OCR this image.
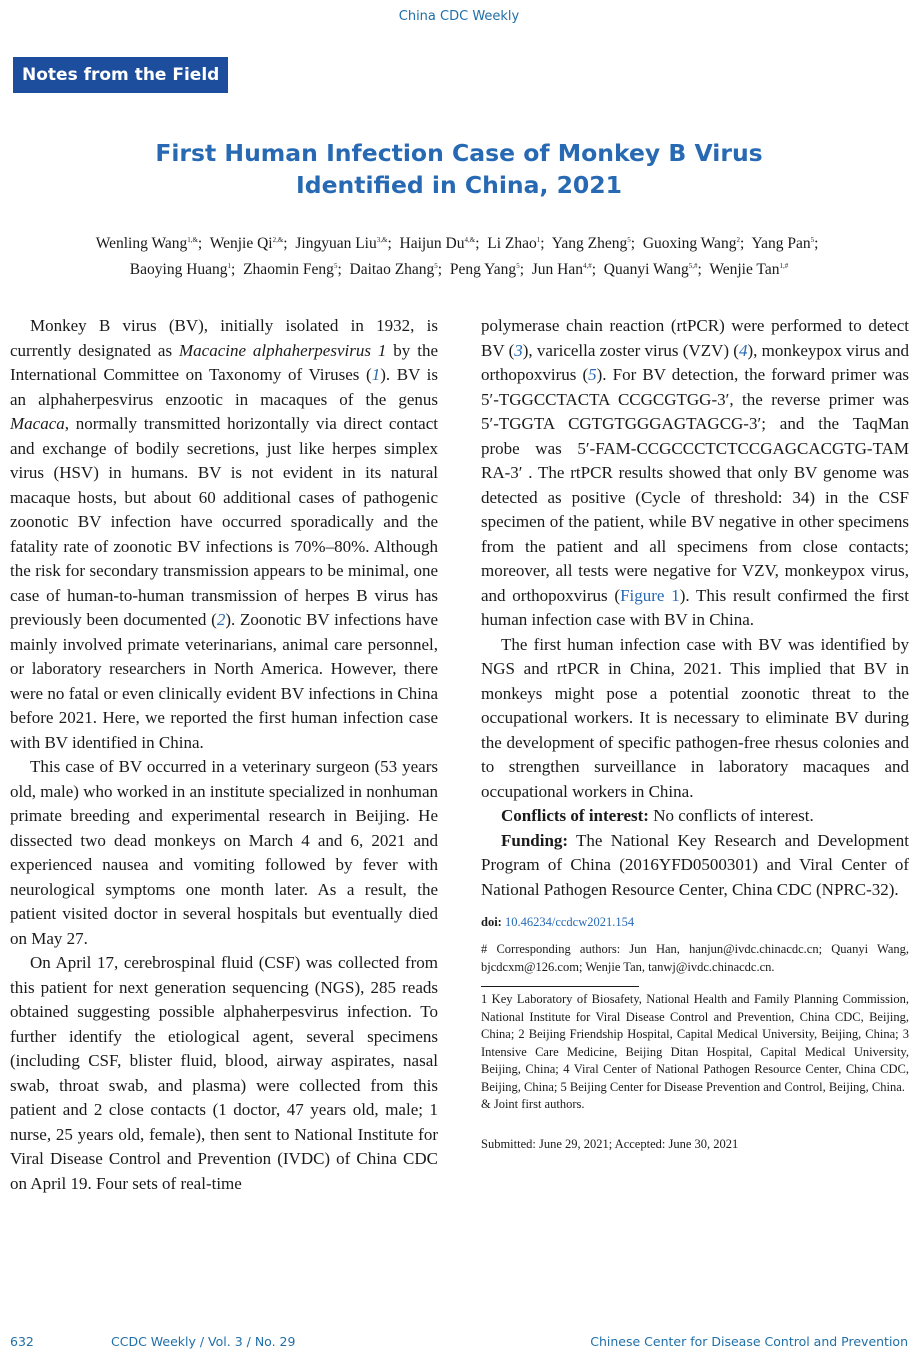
China CDC Weekly
Notes from the Field
First Human Infection Case of Monkey B Virus
Identified in China, 2021
Wenling Wang$^{1,\&}$;  Wenjie $Qi^{2,\&}$;  Jingyuan Liu$^{3,\&}$;  Haijun $Du^{4,\&}$;  Li Zhao$^1$;  Yang Zheng$^5$;  Guoxing Wang$^2$;  Yang Pan$^5$;
Baoying Huang$^1$;  Zhaomin Feng$^5$;  Daitao Zhang$^5$;  Peng Yang$^5$;  Jun Han$^{4,\#}$;  Quanyi Wang$^{5,\#}$;  Wenjie Tan$^{1,\#}$

Monkey B virus (BV), initially isolated in 1932, is currently designated as Macacine alphaherpesvirus 1 by the International Committee on Taxonomy of Viruses (1). BV is an alphaherpesvirus enzootic in macaques of the genus Macaca, normally transmitted horizontally via direct contact and exchange of bodily secretions, just like herpes simplex virus (HSV) in humans. BV is not evident in its natural macaque hosts, but about 60 additional cases of pathogenic zoonotic BV infection have occurred sporadically and the fatality rate of zoonotic BV infections is 70%–80%. Although the risk for secondary transmission appears to be minimal, one case of human-to-human transmission of herpes B virus has previously been documented (2). Zoonotic BV infections have mainly involved primate veterinarians, animal care personnel, or laboratory researchers in North America. However, there were no fatal or even clinically evident BV infections in China before 2021. Here, we reported the first human infection case with BV identified in China.

This case of BV occurred in a veterinary surgeon (53 years old, male) who worked in an institute specialized in nonhuman primate breeding and experimental research in Beijing. He dissected two dead monkeys on March 4 and 6, 2021 and experienced nausea and vomiting followed by fever with neurological symptoms one month later. As a result, the patient visited doctor in several hospitals but eventually died on May 27.

On April 17, cerebrospinal fluid (CSF) was collected from this patient for next generation sequencing (NGS), 285 reads obtained suggesting possible alphaherpesvirus infection. To further identify the etiological agent, several specimens (including CSF, blister fluid, blood, airway aspirates, nasal swab, throat swab, and plasma) were collected from this patient and 2 close contacts (1 doctor, 47 years old, male; 1 nurse, 25 years old, female), then sent to National Institute for Viral Disease Control and Prevention (IVDC) of China CDC on April 19. Four sets of real-time

polymerase chain reaction (rtPCR) were performed to detect BV (3), varicella zoster virus (VZV) (4), monkeypox virus and orthopoxvirus (5). For BV detection, the forward primer was 5′-TGGCCTACTA CCGCGTGG-3′, the reverse primer was 5′-TGGTA CGTGTGGGAGTAGCG-3′; and the TaqMan probe was 5′-FAM-CCGCCCTCTCCGAGCACGTG-TAM RA-3′ . The rtPCR results showed that only BV genome was detected as positive (Cycle of threshold: 34) in the CSF specimen of the patient, while BV negative in other specimens from the patient and all specimens from close contacts; moreover, all tests were negative for VZV, monkeypox virus, and orthopoxvirus (Figure 1). This result confirmed the first human infection case with BV in China.

The first human infection case with BV was identified by NGS and rtPCR in China, 2021. This implied that BV in monkeys might pose a potential zoonotic threat to the occupational workers. It is necessary to eliminate BV during the development of specific pathogen-free rhesus colonies and to strengthen surveillance in laboratory macaques and occupational workers in China.

Conflicts of interest: No conflicts of interest.

Funding: The National Key Research and Development Program of China (2016YFD0500301) and Viral Center of National Pathogen Resource Center, China CDC (NPRC-32).

doi: 10.46234/ccdcw2021.154

# Corresponding authors: Jun Han, hanjun@ivdc.chinacdc.cn; Quanyi Wang, bjcdcxm@126.com; Wenjie Tan, tanwj@ivdc.chinacdc.cn.

1 Key Laboratory of Biosafety, National Health and Family Planning Commission, National Institute for Viral Disease Control and Prevention, China CDC, Beijing, China; 2 Beijing Friendship Hospital, Capital Medical University, Beijing, China; 3 Intensive Care Medicine, Beijing Ditan Hospital, Capital Medical University, Beijing, China; 4 Viral Center of National Pathogen Resource Center, China CDC, Beijing, China; 5 Beijing Center for Disease Prevention and Control, Beijing, China.

& Joint first authors.

Submitted: June 29, 2021; Accepted: June 30, 2021

632	CCDC Weekly / Vol. 3 / No. 29	Chinese Center for Disease Control and Prevention
